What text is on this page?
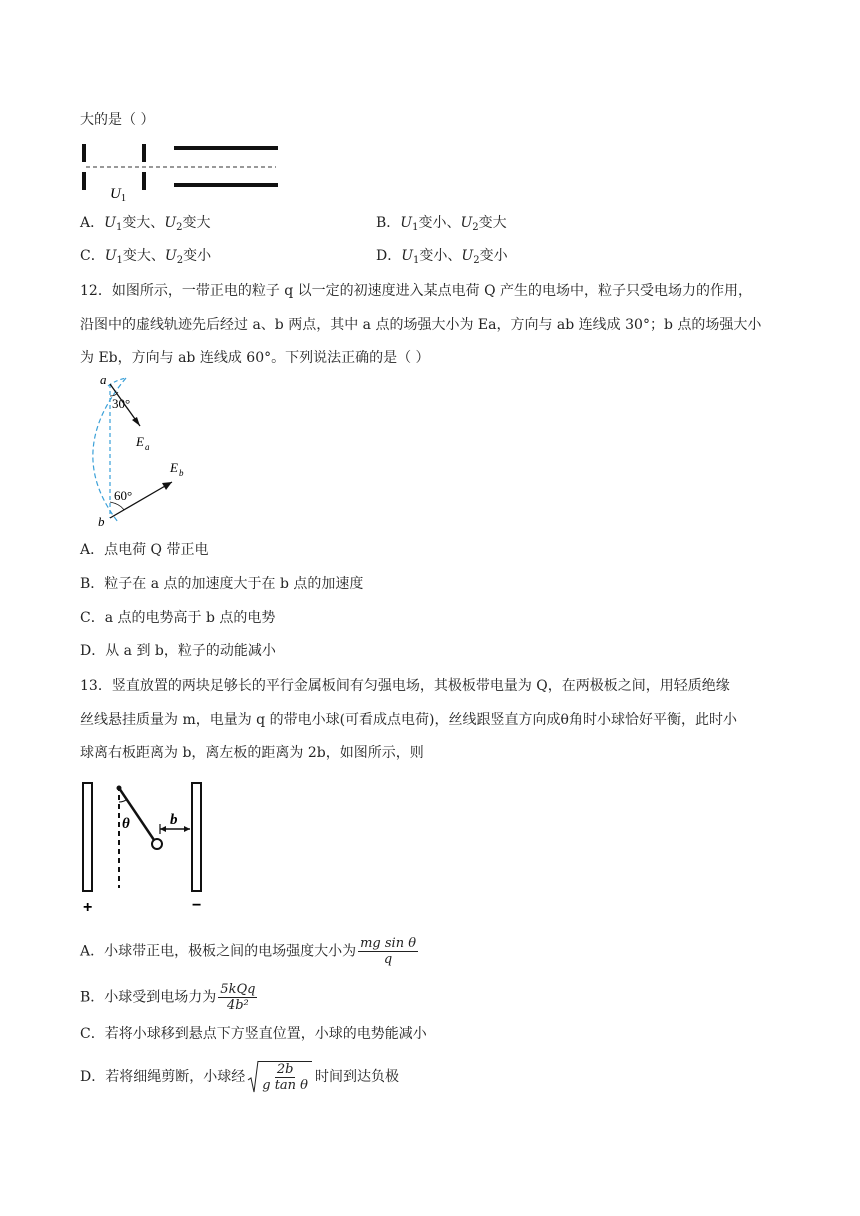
大的是（ ）
U 1
A．$U_1$变大、$U_2$变大	B．$U_1$变小、$U_2$变大
C．$U_1$变大、$U_2$变小	D．$U_1$变小、$U_2$变小
12．如图所示，一带正电的粒子 q 以一定的初速度进入某点电荷 Q 产生的电场中，粒子只受电场力的作用，
沿图中的虚线轨迹先后经过 a、b 两点，其中 a 点的场强大小为 Ea，方向与 ab 连线成 30°；b 点的场强大小
为 Eb，方向与 ab 连线成 60°。下列说法正确的是（ ）
a
b
30°
60°
E a
E b
A．点电荷 Q 带正电
B．粒子在 a 点的加速度大于在 b 点的加速度
C．a 点的电势高于 b 点的电势
D．从 a 到 b，粒子的动能减小
13．竖直放置的两块足够长的平行金属板间有匀强电场，其极板带电量为 Q，在两极板之间，用轻质绝缘
丝线悬挂质量为 m，电量为 q 的带电小球(可看成点电荷)，丝线跟竖直方向成θ角时小球恰好平衡，此时小
球离右板距离为 b，离左板的距离为 2b，如图所示，则
θ	b
+	−
A．小球带正电，极板之间的电场强度大小为 $\frac{\text{mg sin θ}}{q}$
B．小球受到电场力为 $\frac{\text{5kQq}}{\text{4b²}}$
C．若将小球移到悬点下方竖直位置，小球的电势能减小
D．若将细绳剪断，小球经 $\frac{2b}{\text{g tan θ}}$ 时间到达负极
